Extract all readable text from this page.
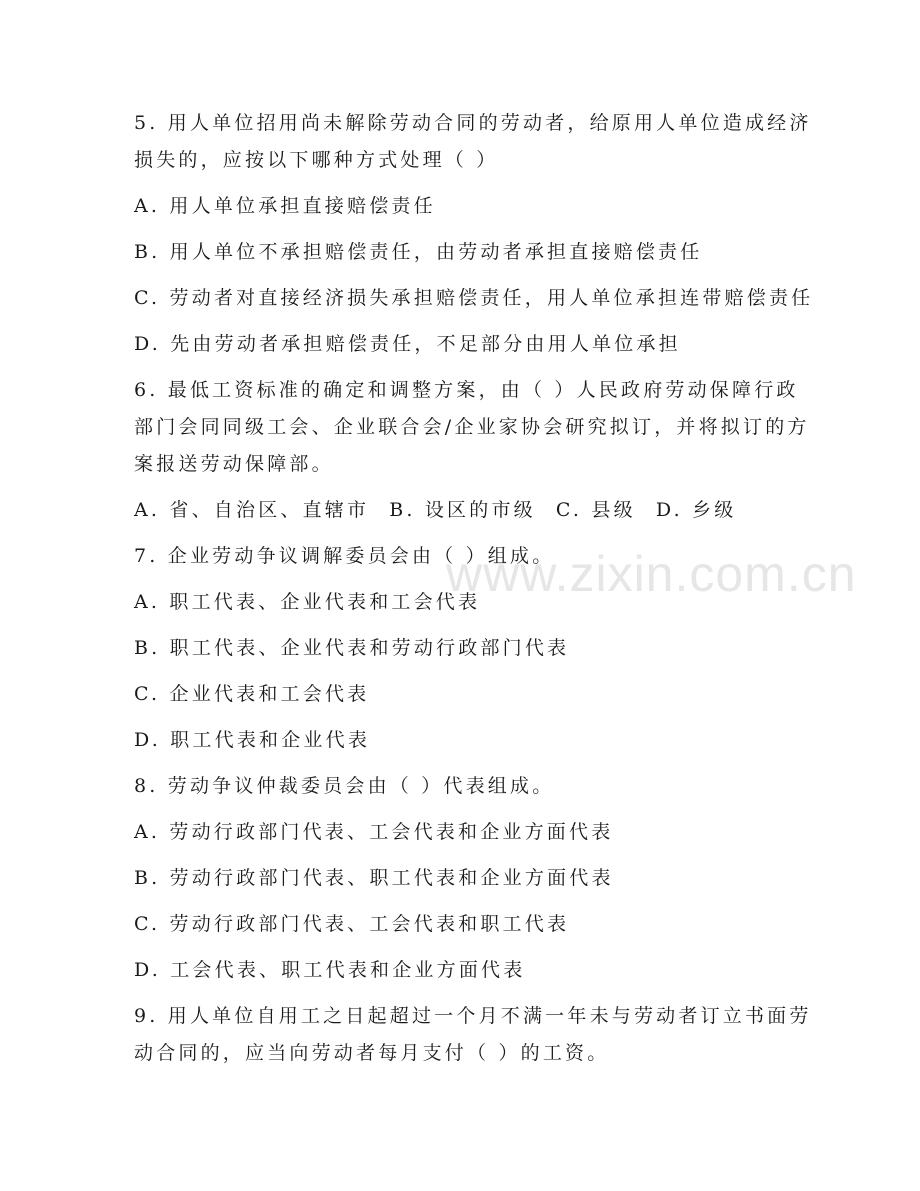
www.zixin.com.cn

5. 用人单位招用尚未解除劳动合同的劳动者，给原用人单位造成经济

损失的，应按以下哪种方式处理（ ）

A. 用人单位承担直接赔偿责任

B. 用人单位不承担赔偿责任，由劳动者承担直接赔偿责任

C. 劳动者对直接经济损失承担赔偿责任，用人单位承担连带赔偿责任

D. 先由劳动者承担赔偿责任，不足部分由用人单位承担

6. 最低工资标准的确定和调整方案，由（ ）人民政府劳动保障行政

部门会同同级工会、企业联合会/企业家协会研究拟订，并将拟订的方

案报送劳动保障部。

A. 省、自治区、直辖市 B. 设区的市级 C. 县级 D. 乡级

7. 企业劳动争议调解委员会由（ ）组成。

A. 职工代表、企业代表和工会代表

B. 职工代表、企业代表和劳动行政部门代表

C. 企业代表和工会代表

D. 职工代表和企业代表

8. 劳动争议仲裁委员会由（ ）代表组成。

A. 劳动行政部门代表、工会代表和企业方面代表

B. 劳动行政部门代表、职工代表和企业方面代表

C. 劳动行政部门代表、工会代表和职工代表

D. 工会代表、职工代表和企业方面代表

9. 用人单位自用工之日起超过一个月不满一年未与劳动者订立书面劳

动合同的，应当向劳动者每月支付（ ）的工资。
